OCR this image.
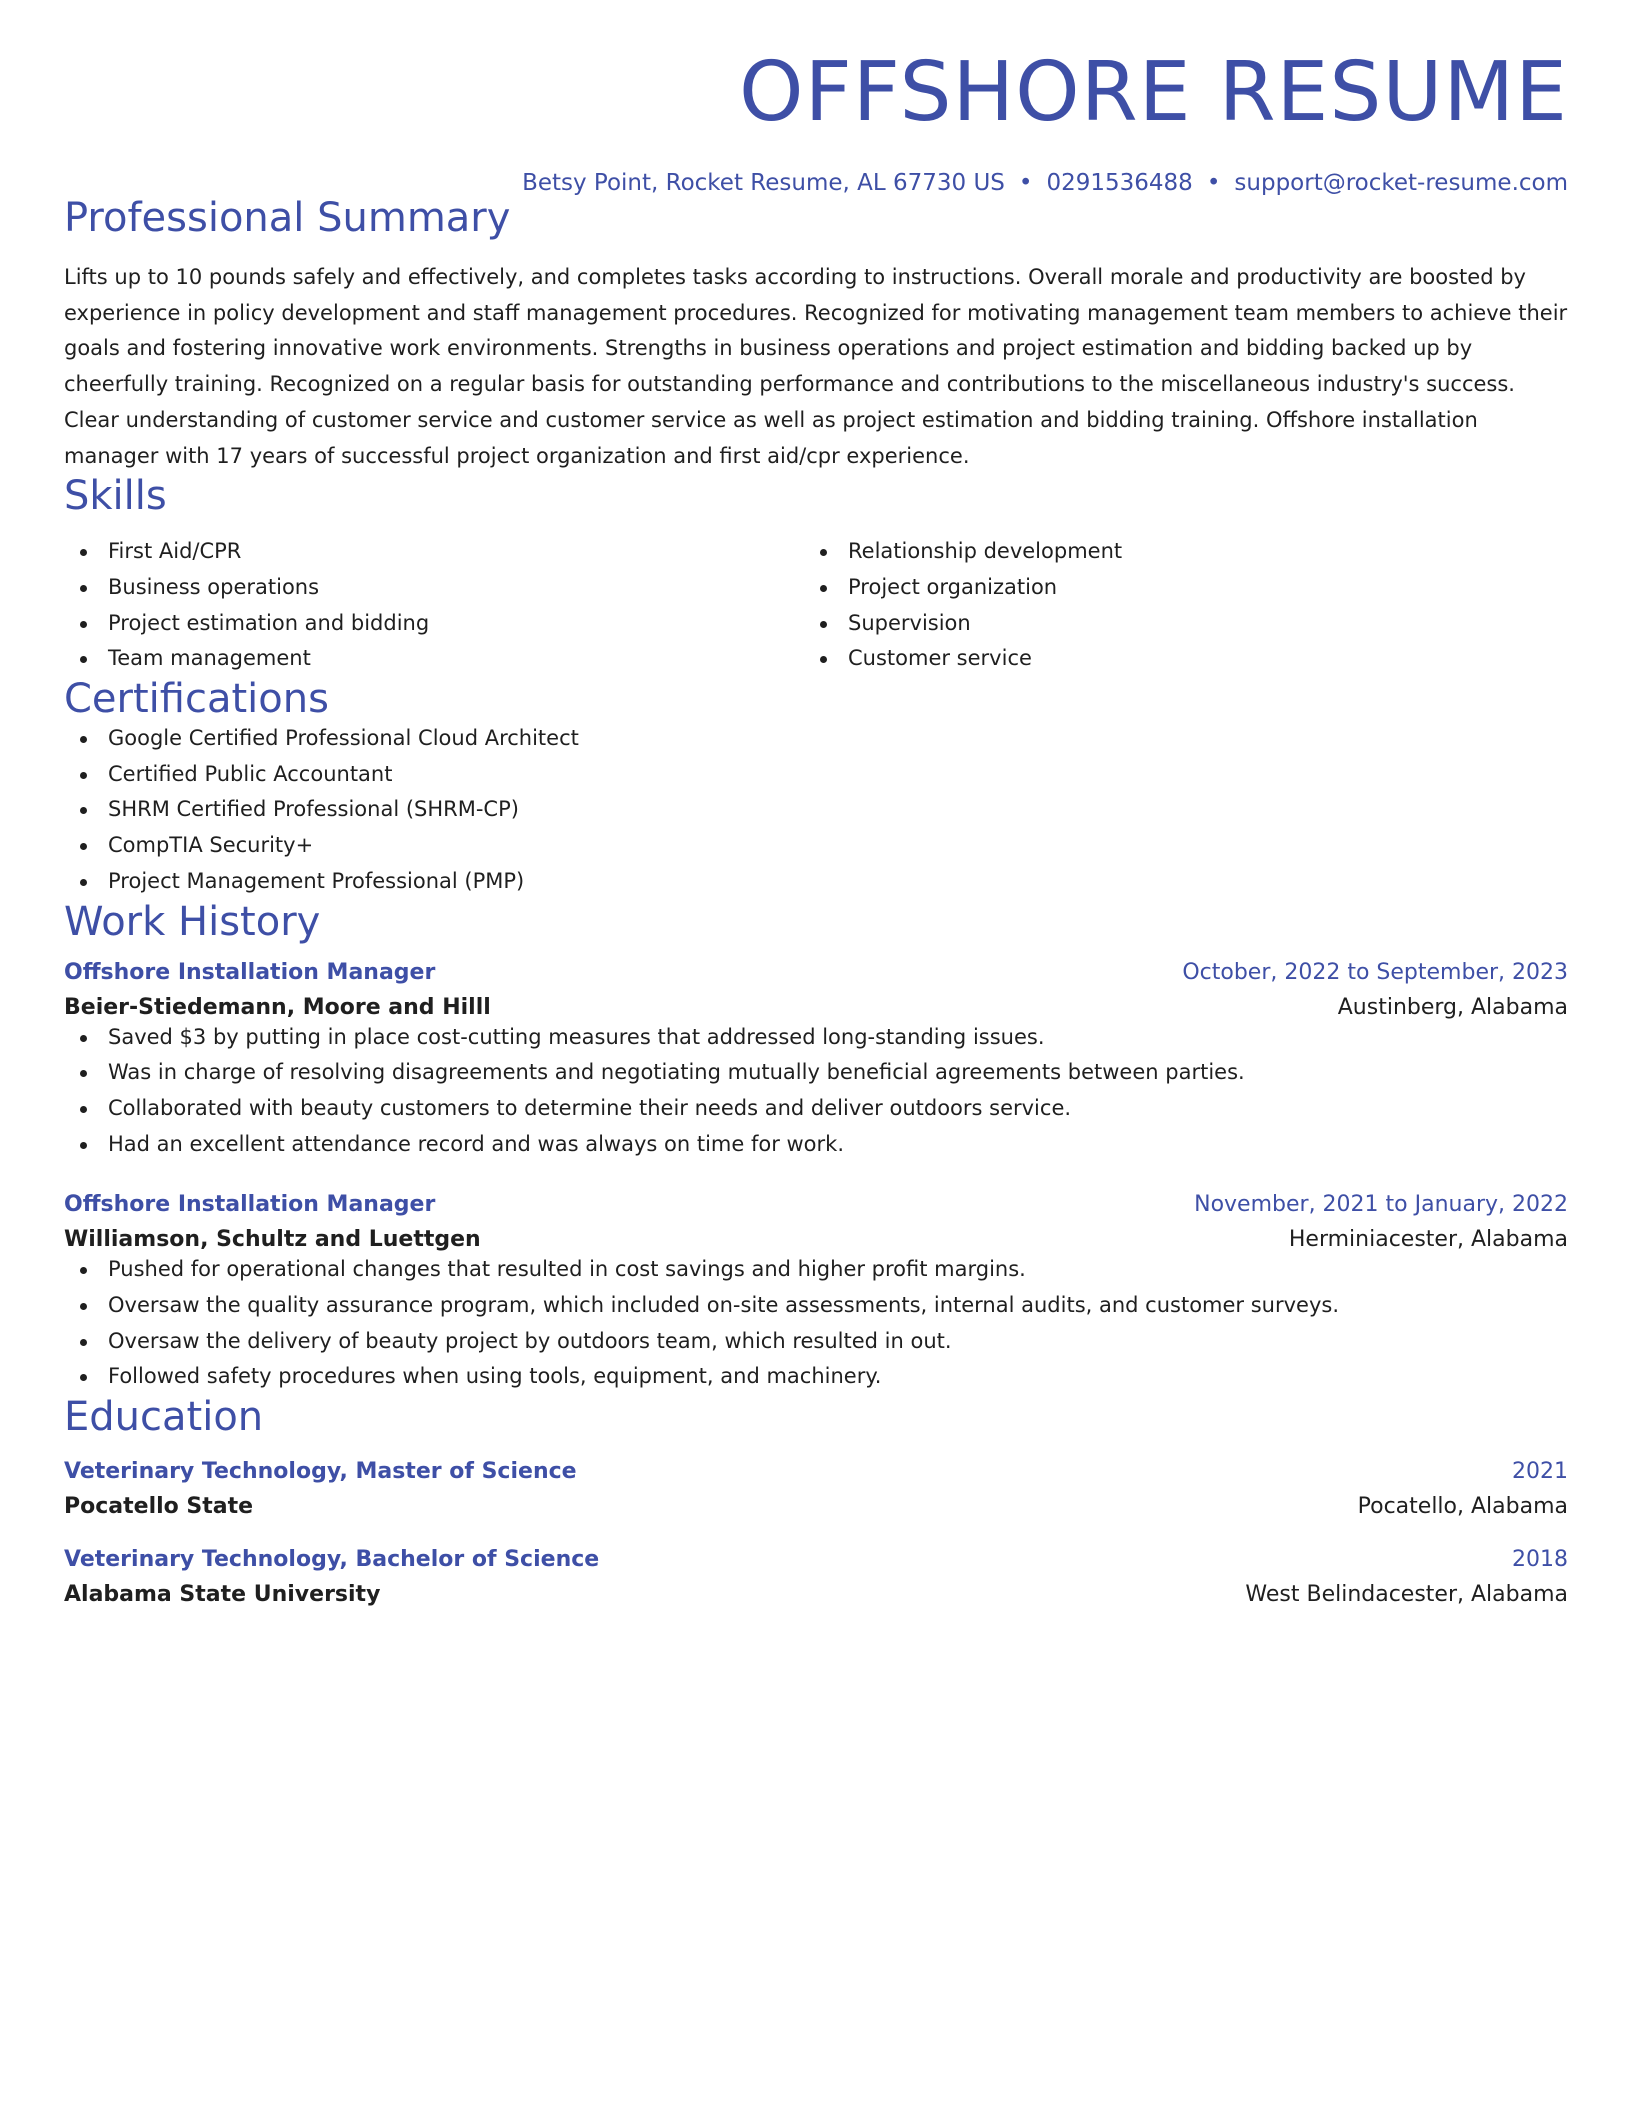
OFFSHORE RESUME
Betsy Point, Rocket Resume, AL 67730 US • 0291536488 • support@rocket-resume.com
Professional Summary
Lifts up to 10 pounds safely and effectively, and completes tasks according to instructions. Overall morale and productivity are boosted by experience in policy development and staff management procedures. Recognized for motivating management team members to achieve their goals and fostering innovative work environments. Strengths in business operations and project estimation and bidding backed up by cheerfully training. Recognized on a regular basis for outstanding performance and contributions to the miscellaneous industry's success. Clear understanding of customer service and customer service as well as project estimation and bidding training. Offshore installation manager with 17 years of successful project organization and first aid/cpr experience.
Skills
First Aid/CPR
Business operations
Project estimation and bidding
Team management
Relationship development
Project organization
Supervision
Customer service
Certifications
Google Certified Professional Cloud Architect
Certified Public Accountant
SHRM Certified Professional (SHRM-CP)
CompTIA Security+
Project Management Professional (PMP)
Work History
Offshore Installation Manager	October, 2022 to September, 2023
Beier-Stiedemann, Moore and Hilll	Austinberg, Alabama
Saved $3 by putting in place cost-cutting measures that addressed long-standing issues.
Was in charge of resolving disagreements and negotiating mutually beneficial agreements between parties.
Collaborated with beauty customers to determine their needs and deliver outdoors service.
Had an excellent attendance record and was always on time for work.
Offshore Installation Manager	November, 2021 to January, 2022
Williamson, Schultz and Luettgen	Herminiacester, Alabama
Pushed for operational changes that resulted in cost savings and higher profit margins.
Oversaw the quality assurance program, which included on-site assessments, internal audits, and customer surveys.
Oversaw the delivery of beauty project by outdoors team, which resulted in out.
Followed safety procedures when using tools, equipment, and machinery.
Education
Veterinary Technology, Master of Science	2021
Pocatello State	Pocatello, Alabama
Veterinary Technology, Bachelor of Science	2018
Alabama State University	West Belindacester, Alabama
